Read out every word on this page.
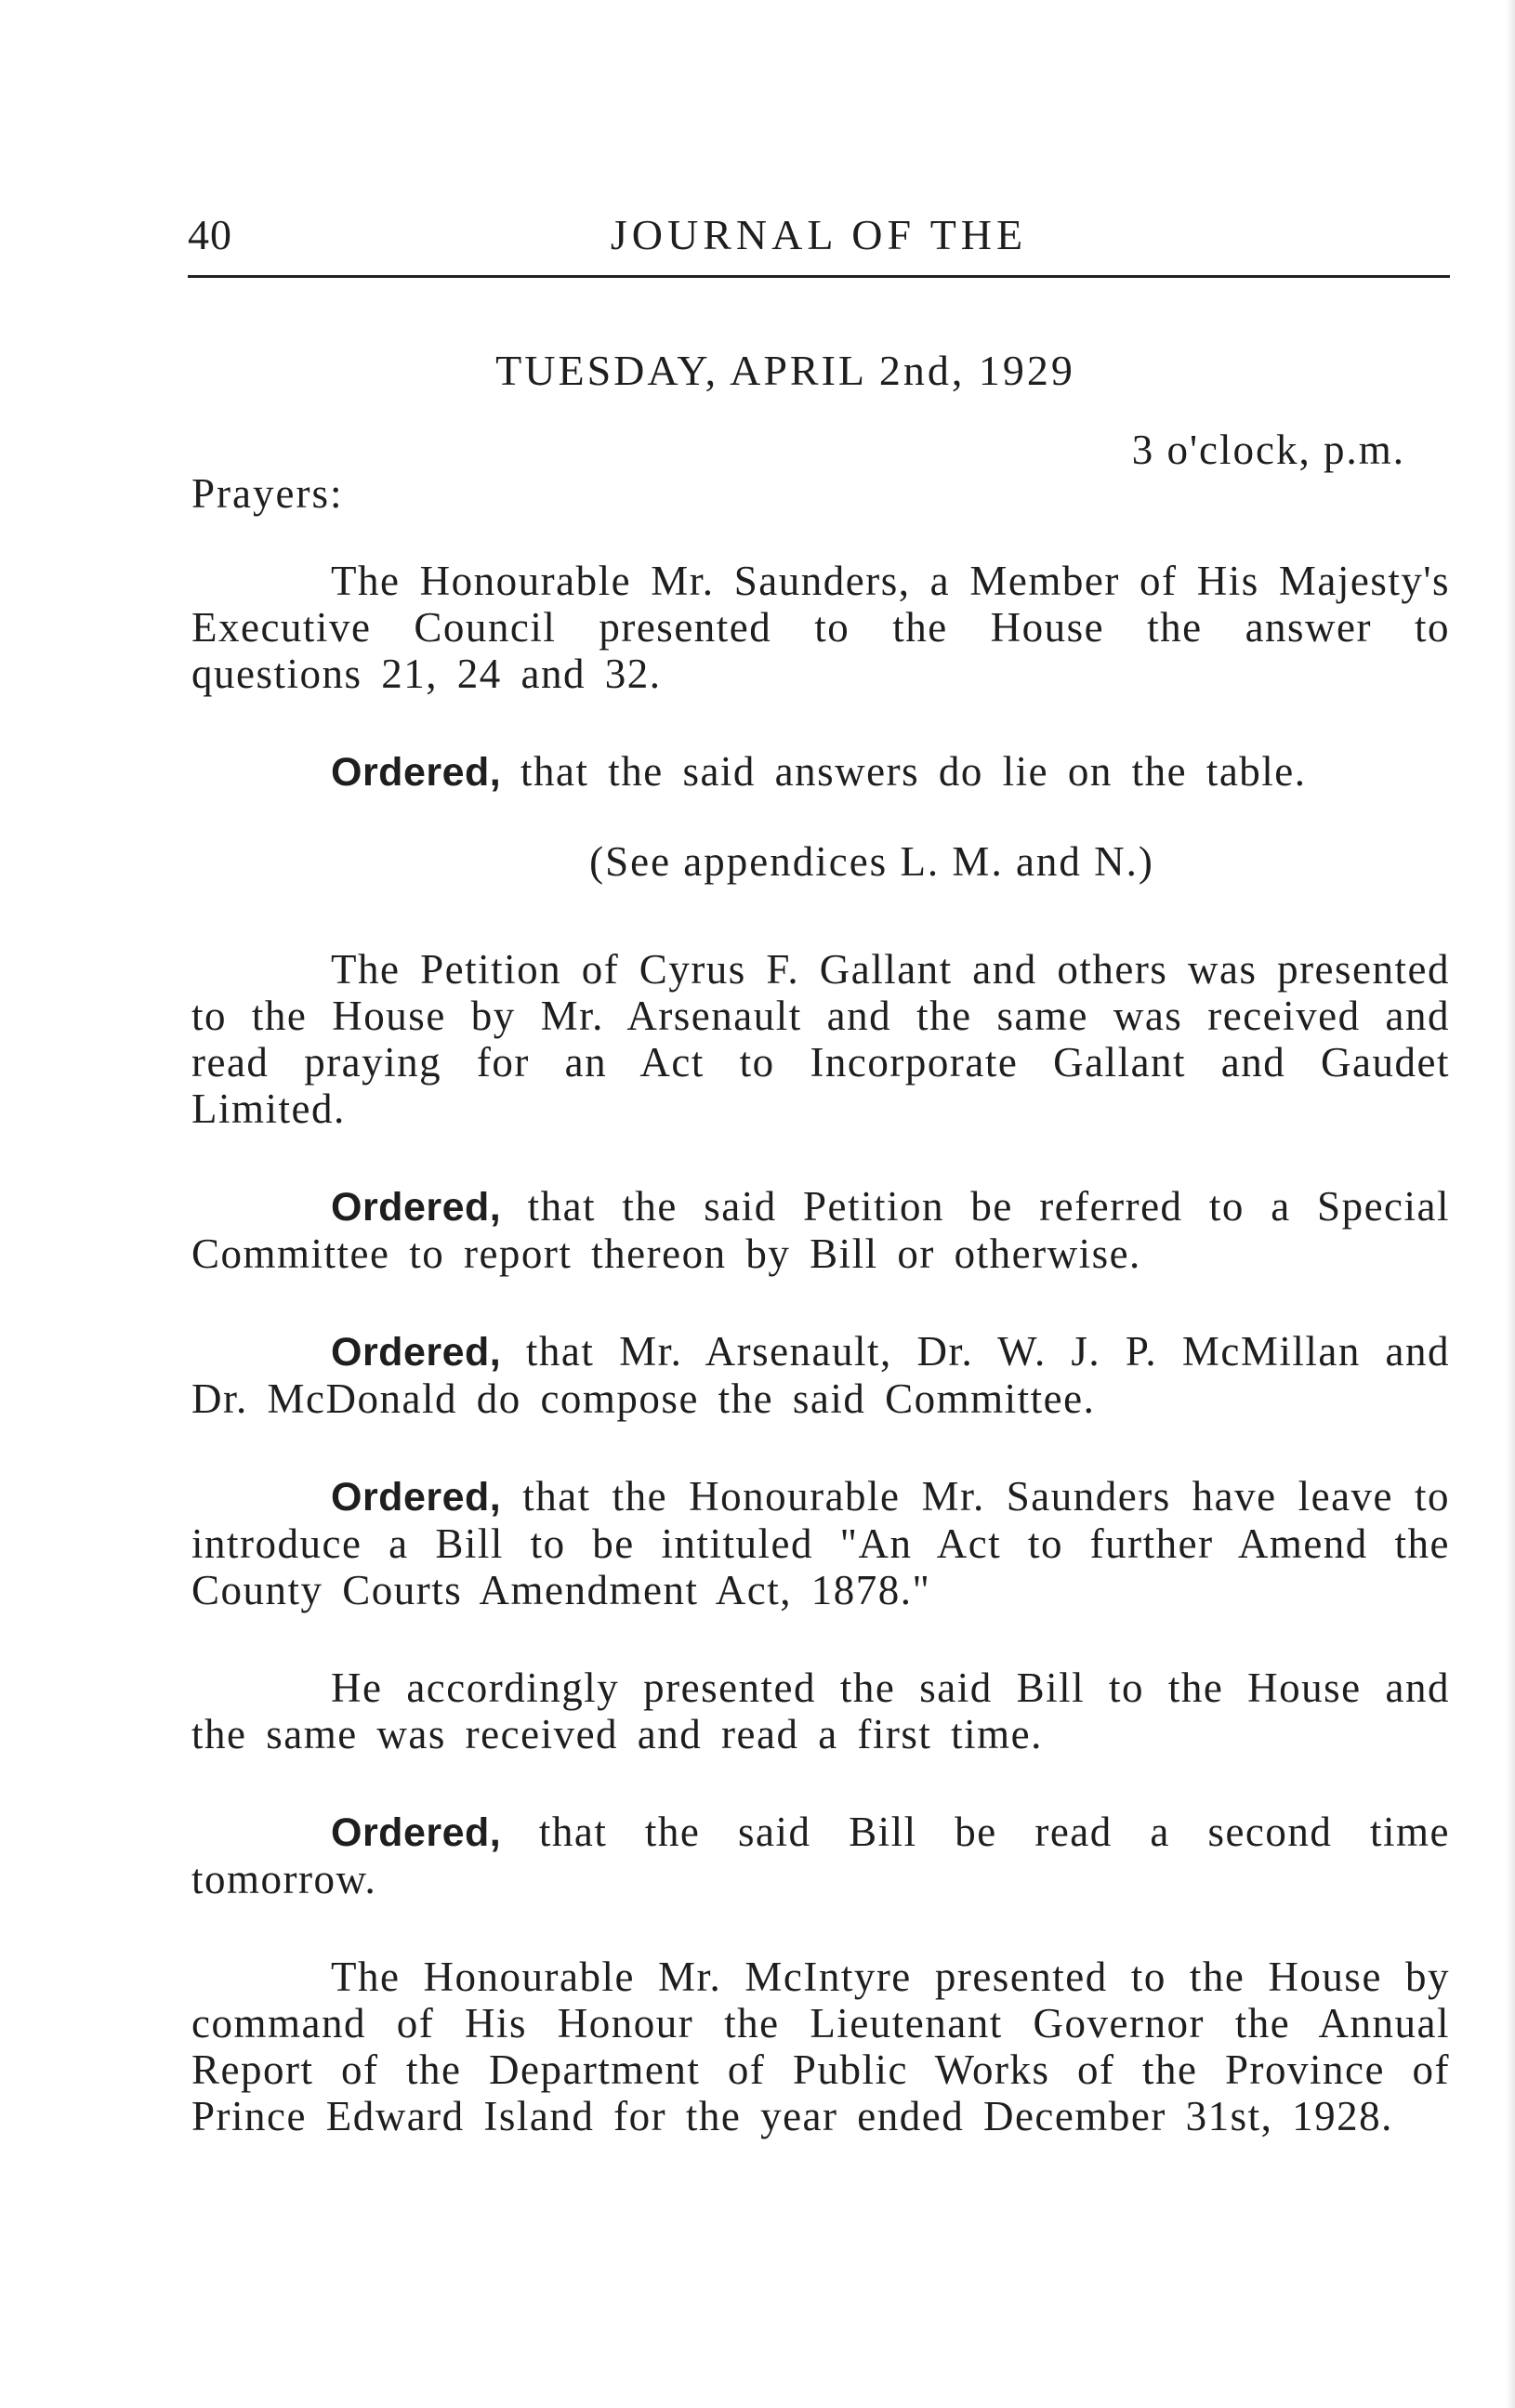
40	JOURNAL OF THE
TUESDAY, APRIL 2nd, 1929
3 o'clock, p.m.
Prayers:

The Honourable Mr. Saunders, a Member of His Majesty's Executive Council presented to the House the answer to questions 21, 24 and 32.

Ordered, that the said answers do lie on the table.

(See appendices L. M. and N.)

The Petition of Cyrus F. Gallant and others was presented to the House by Mr. Arsenault and the same was received and read praying for an Act to Incorporate Gallant and Gaudet Limited.

Ordered, that the said Petition be referred to a Special Committee to report thereon by Bill or otherwise.

Ordered, that Mr. Arsenault, Dr. W. J. P. McMillan and Dr. McDonald do compose the said Committee.

Ordered, that the Honourable Mr. Saunders have leave to introduce a Bill to be intituled "An Act to further Amend the County Courts Amendment Act, 1878."

He accordingly presented the said Bill to the House and the same was received and read a first time.

Ordered, that the said Bill be read a second time tomorrow.

The Honourable Mr. McIntyre presented to the House by command of His Honour the Lieutenant Governor the Annual Report of the Department of Public Works of the Province of Prince Edward Island for the year ended December 31st, 1928.
